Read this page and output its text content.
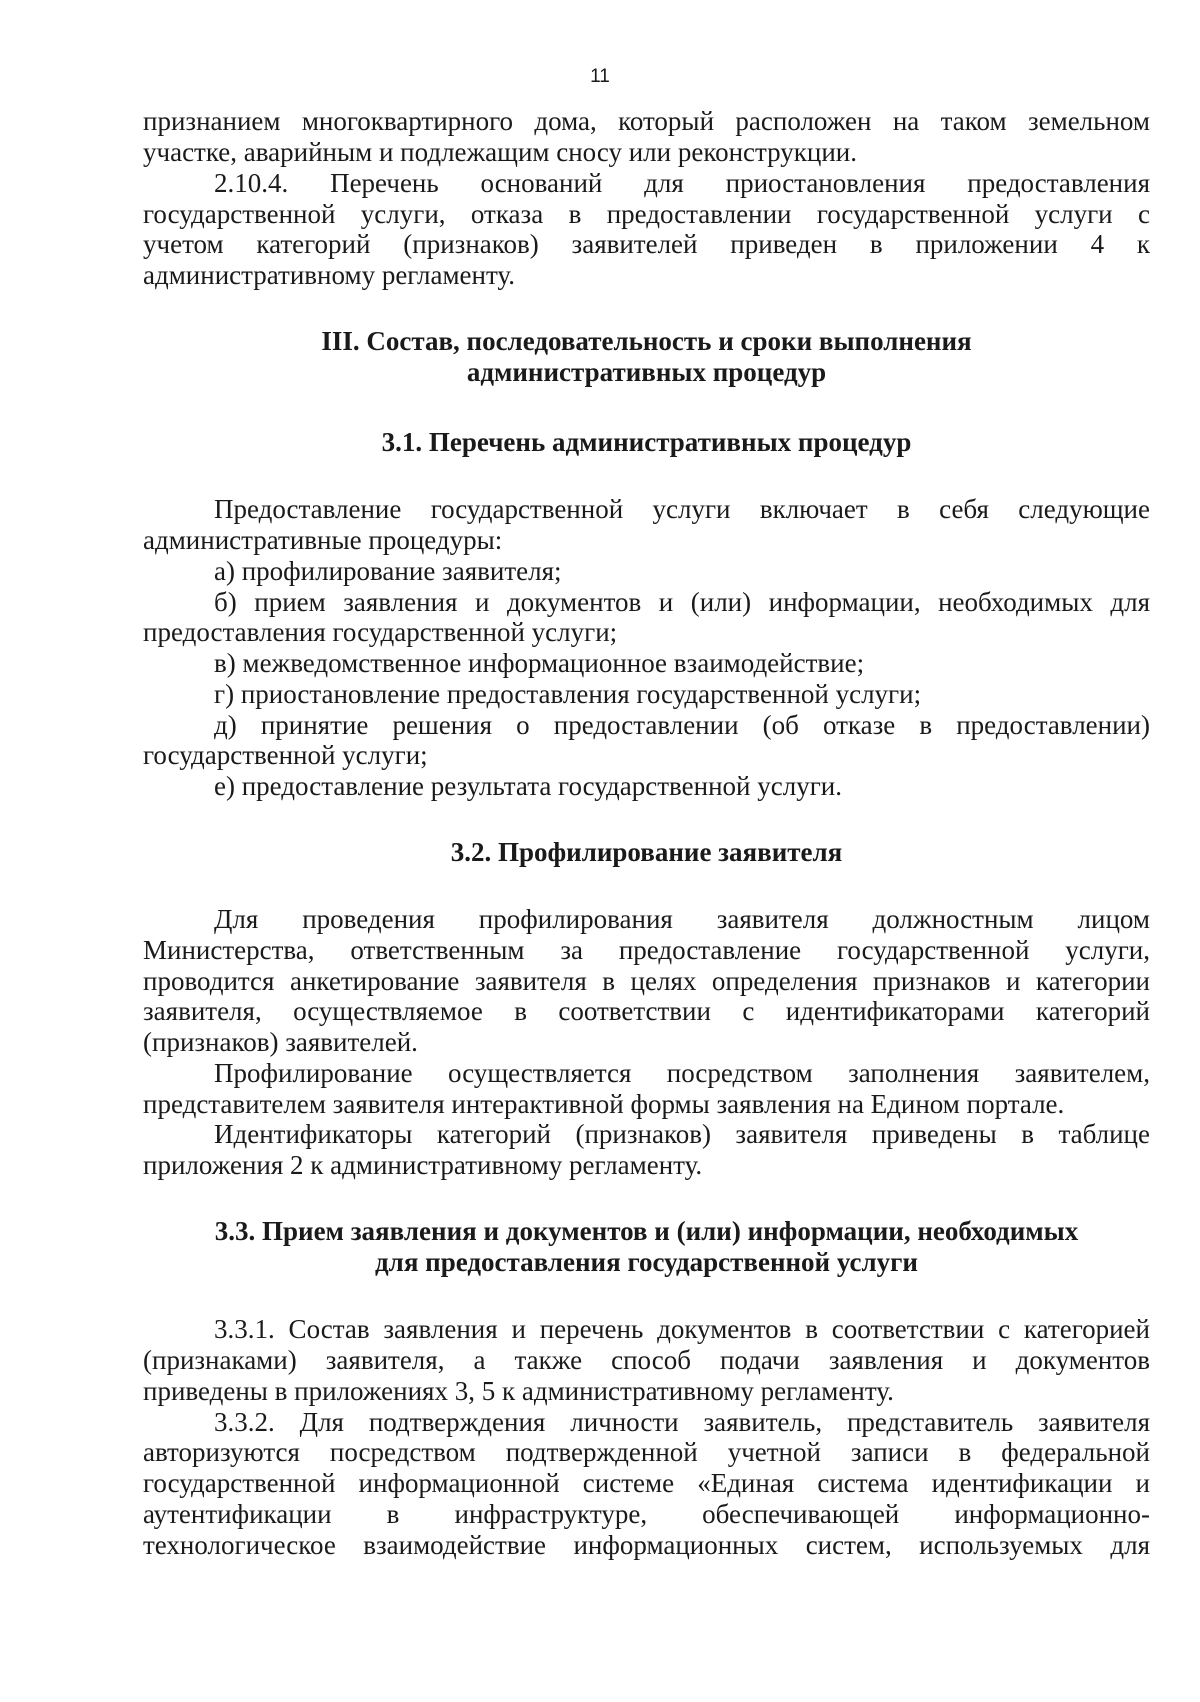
11

признанием многоквартирного дома, который расположен на таком земельном

участке, аварийным и подлежащим сносу или реконструкции.

2.10.4. Перечень оснований для приостановления предоставления

государственной услуги, отказа в предоставлении государственной услуги с

учетом категорий (признаков) заявителей приведен в приложении 4 к

административному регламенту.

III. Состав, последовательность и сроки выполнения
административных процедур
3.1. Перечень административных процедур

Предоставление государственной услуги включает в себя следующие

административные процедуры:

а) профилирование заявителя;

б) прием заявления и документов и (или) информации, необходимых для

предоставления государственной услуги;

в) межведомственное информационное взаимодействие;

г) приостановление предоставления государственной услуги;

д) принятие решения о предоставлении (об отказе в предоставлении)

государственной услуги;

е) предоставление результата государственной услуги.

3.2. Профилирование заявителя

Для проведения профилирования заявителя должностным лицом

Министерства, ответственным за предоставление государственной услуги,

проводится анкетирование заявителя в целях определения признаков и категории

заявителя, осуществляемое в соответствии с идентификаторами категорий

(признаков) заявителей.

Профилирование осуществляется посредством заполнения заявителем,

представителем заявителя интерактивной формы заявления на Едином портале.

Идентификаторы категорий (признаков) заявителя приведены в таблице

приложения 2 к административному регламенту.

3.3. Прием заявления и документов и (или) информации, необходимых
для предоставления государственной услуги

3.3.1. Состав заявления и перечень документов в соответствии с категорией

(признаками) заявителя, а также способ подачи заявления и документов

приведены в приложениях 3, 5 к административному регламенту.

3.3.2. Для подтверждения личности заявитель, представитель заявителя

авторизуются посредством подтвержденной учетной записи в федеральной

государственной информационной системе «Единая система идентификации и

аутентификации в инфраструктуре, обеспечивающей информационно-

технологическое взаимодействие информационных систем, используемых для
